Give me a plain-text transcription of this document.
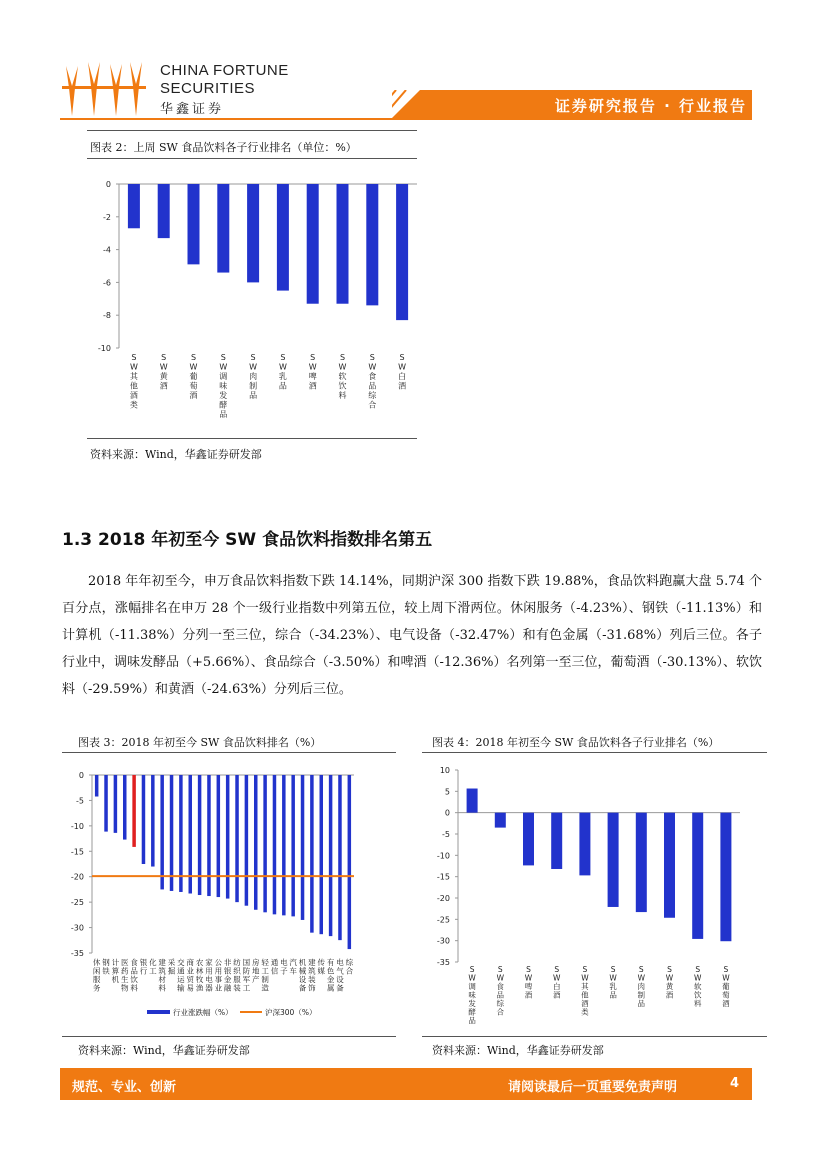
CHINA FORTUNE
SECURITIES
华鑫证券	证券研究报告 · 行业报告
图表 2：上周 SW 食品饮料各子行业排名（单位：%）
0
-2
-4
-6
-8
-10
S W 其他酒类
S W 黄酒
S W 葡萄酒
S W 调味发酵品
S W 肉制品
S W 乳品
S W 啤酒
S W 软饮料
S W 食品综合
S W 白酒
资料来源：Wind，华鑫证券研发部
1.3 2018 年初至今 SW 食品饮料指数排名第五

2018 年年初至今，申万食品饮料指数下跌 14.14%，同期沪深 300 指数下跌 19.88%，食品饮料跑赢大盘 5.74 个百分点，涨幅排名在申万 28 个一级行业指数中列第五位，较上周下滑两位。休闲服务（-4.23%）、钢铁（-11.13%）和计算机（-11.38%）分列一至三位，综合（-34.23%）、电气设备（-32.47%）和有色金属（-31.68%）列后三位。各子行业中，调味发酵品（+5.66%）、食品综合（-3.50%）和啤酒（-12.36%）名列第一至三位，葡萄酒（-30.13%）、软饮料（-29.59%）和黄酒（-24.63%）分列后三位。

图表 3：2018 年初至今 SW 食品饮料排名（%）
0
-5
-10
-15
-20
-25
-30
-35
休闲服务
钢铁
计算机
医药生物
食品饮料
银行
化工
建筑材料
采掘
交通运输
商业贸易
农林牧渔
家用电器
公用事业
非银金融
纺织服装
国防军工
房地产
轻工制造
通信
电子
汽车
机械设备
建筑装饰
传媒
有色金属
电气设备
综合
行业涨跌幅（%）	沪深300（%）
资料来源：Wind，华鑫证券研发部
图表 4：2018 年初至今 SW 食品饮料各子行业排名（%）
10
5
0
-5
-10
-15
-20
-25
-30
-35
S W 调味发酵品
S W 食品综合
S W 啤酒
S W 白酒
S W 其他酒类
S W 乳品
S W 肉制品
S W 黄酒
S W 软饮料
S W 葡萄酒
资料来源：Wind，华鑫证券研发部
规范、专业、创新	请阅读最后一页重要免责声明	4
